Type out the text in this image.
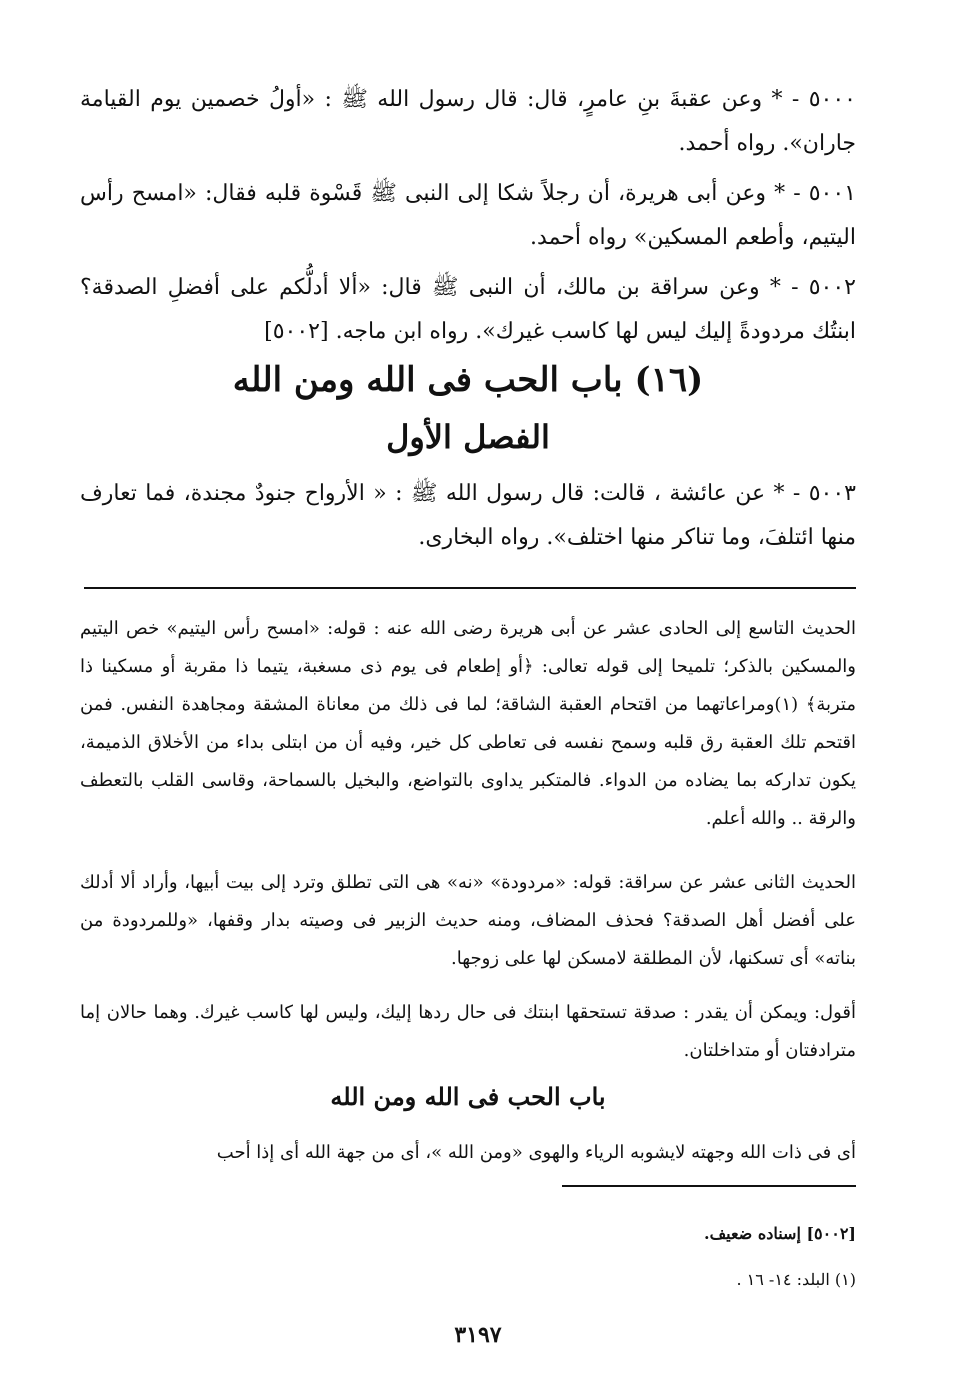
٥٠٠٠ - * وعن عقبةَ بنِ عامرٍ، قال: قال رسول الله ﷺ : «أولُ خصمين يوم القيامة جاران». رواه أحمد.

٥٠٠١ - * وعن أبى هريرة، أن رجلاً شكا إلى النبى ﷺ قَسْوة قلبه فقال: «امسح رأس اليتيم، وأطعم المسكين» رواه أحمد.

٥٠٠٢ - * وعن سراقة بن مالك، أن النبى ﷺ قال: «ألا أدلُّكم على أفضلِ الصدقة؟ ابنتُك مردودةً إليك ليس لها كاسب غيرك». رواه ابن ماجه. [٥٠٠٢]

(١٦) باب الحب فى الله ومن الله
الفصل الأول

٥٠٠٣ - * عن عائشة ، قالت: قال رسول الله ﷺ : « الأرواح جنودٌ مجندة، فما تعارف منها ائتلفَ، وما تناكر منها اختلف». رواه البخارى.

الحديث التاسع إلى الحادى عشر عن أبى هريرة رضى الله عنه : قوله: «امسح رأس اليتيم» خص اليتيم والمسكين بالذكر؛ تلميحا إلى قوله تعالى: ﴿أو إطعام فى يوم ذى مسغبة، يتيما ذا مقربة أو مسكينا ذا متربة﴾ (١)ومراعاتهما من اقتحام العقبة الشاقة؛ لما فى ذلك من معاناة المشقة ومجاهدة النفس. فمن اقتحم تلك العقبة رق قلبه وسمح نفسه فى تعاطى كل خير، وفيه أن من ابتلى بداء من الأخلاق الذميمة، يكون تداركه بما يضاده من الدواء. فالمتكبر يداوى بالتواضع، والبخيل بالسماحة، وقاسى القلب بالتعطف والرقة .. والله أعلم.

الحديث الثانى عشر عن سراقة: قوله: «مردودة» «نه» هى التى تطلق وترد إلى بيت أبيها، وأراد ألا أدلك على أفضل أهل الصدقة؟ فحذف المضاف، ومنه حديث الزبير فى وصيته بدار وقفها، «وللمردودة من بناته» أى تسكنها، لأن المطلقة لامسكن لها على زوجها.

أقول: ويمكن أن يقدر : صدقة تستحقها ابنتك فى حال ردها إليك، وليس لها كاسب غيرك. وهما حالان إما مترادفتان أو متداخلتان.

باب الحب فى الله ومن الله

أى فى ذات الله وجهته لايشوبه الرياء والهوى «ومن الله »، أى من جهة الله أى إذا أحب

[٥٠٠٢] إسناده ضعيف.
(١) البلد: ١٤- ١٦ .
٣١٩٧
